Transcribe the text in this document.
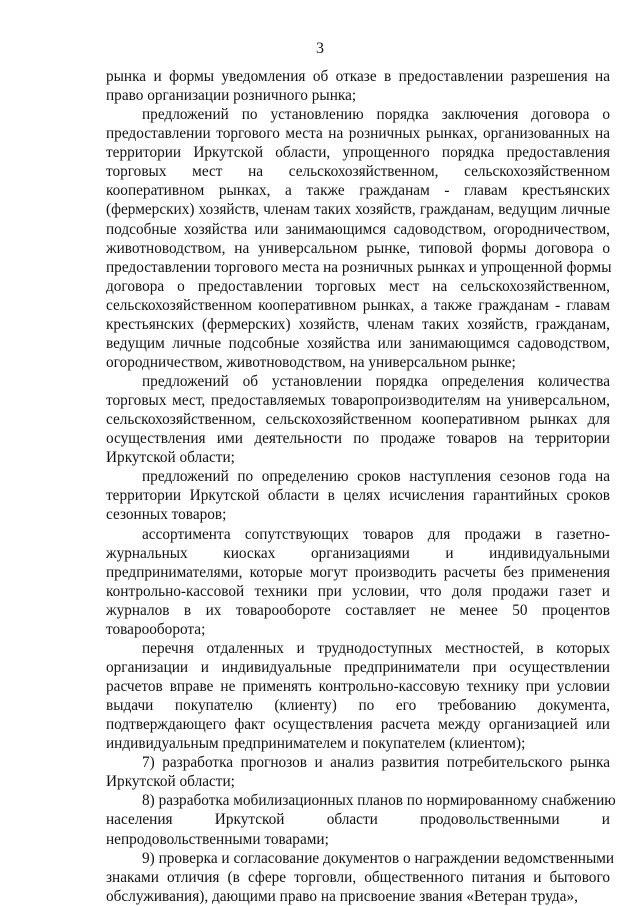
3
рынка и формы уведомления об отказе в предоставлении разрешения на
право организации розничного рынка;
предложений по установлению порядка заключения договора о
предоставлении торгового места на розничных рынках, организованных на
территории Иркутской области, упрощенного порядка предоставления
торговых мест на сельскохозяйственном, сельскохозяйственном
кооперативном рынках, а также гражданам - главам крестьянских
(фермерских) хозяйств, членам таких хозяйств, гражданам, ведущим личные
подсобные хозяйства или занимающимся садоводством, огородничеством,
животноводством, на универсальном рынке, типовой формы договора о
предоставлении торгового места на розничных рынках и упрощенной формы
договора о предоставлении торговых мест на сельскохозяйственном,
сельскохозяйственном кооперативном рынках, а также гражданам - главам
крестьянских (фермерских) хозяйств, членам таких хозяйств, гражданам,
ведущим личные подсобные хозяйства или занимающимся садоводством,
огородничеством, животноводством, на универсальном рынке;
предложений об установлении порядка определения количества
торговых мест, предоставляемых товаропроизводителям на универсальном,
сельскохозяйственном, сельскохозяйственном кооперативном рынках для
осуществления ими деятельности по продаже товаров на территории
Иркутской области;
предложений по определению сроков наступления сезонов года на
территории Иркутской области в целях исчисления гарантийных сроков
сезонных товаров;
ассортимента сопутствующих товаров для продажи в газетно-
журнальных киосках организациями и индивидуальными
предпринимателями, которые могут производить расчеты без применения
контрольно-кассовой техники при условии, что доля продажи газет и
журналов в их товарообороте составляет не менее 50 процентов
товарооборота;
перечня отдаленных и труднодоступных местностей, в которых
организации и индивидуальные предприниматели при осуществлении
расчетов вправе не применять контрольно-кассовую технику при условии
выдачи покупателю (клиенту) по его требованию документа,
подтверждающего факт осуществления расчета между организацией или
индивидуальным предпринимателем и покупателем (клиентом);
7) разработка прогнозов и анализ развития потребительского рынка
Иркутской области;
8) разработка мобилизационных планов по нормированному снабжению
населения Иркутской области продовольственными и
непродовольственными товарами;
9) проверка и согласование документов о награждении ведомственными
знаками отличия (в сфере торговли, общественного питания и бытового
обслуживания), дающими право на присвоение звания «Ветеран труда»,
